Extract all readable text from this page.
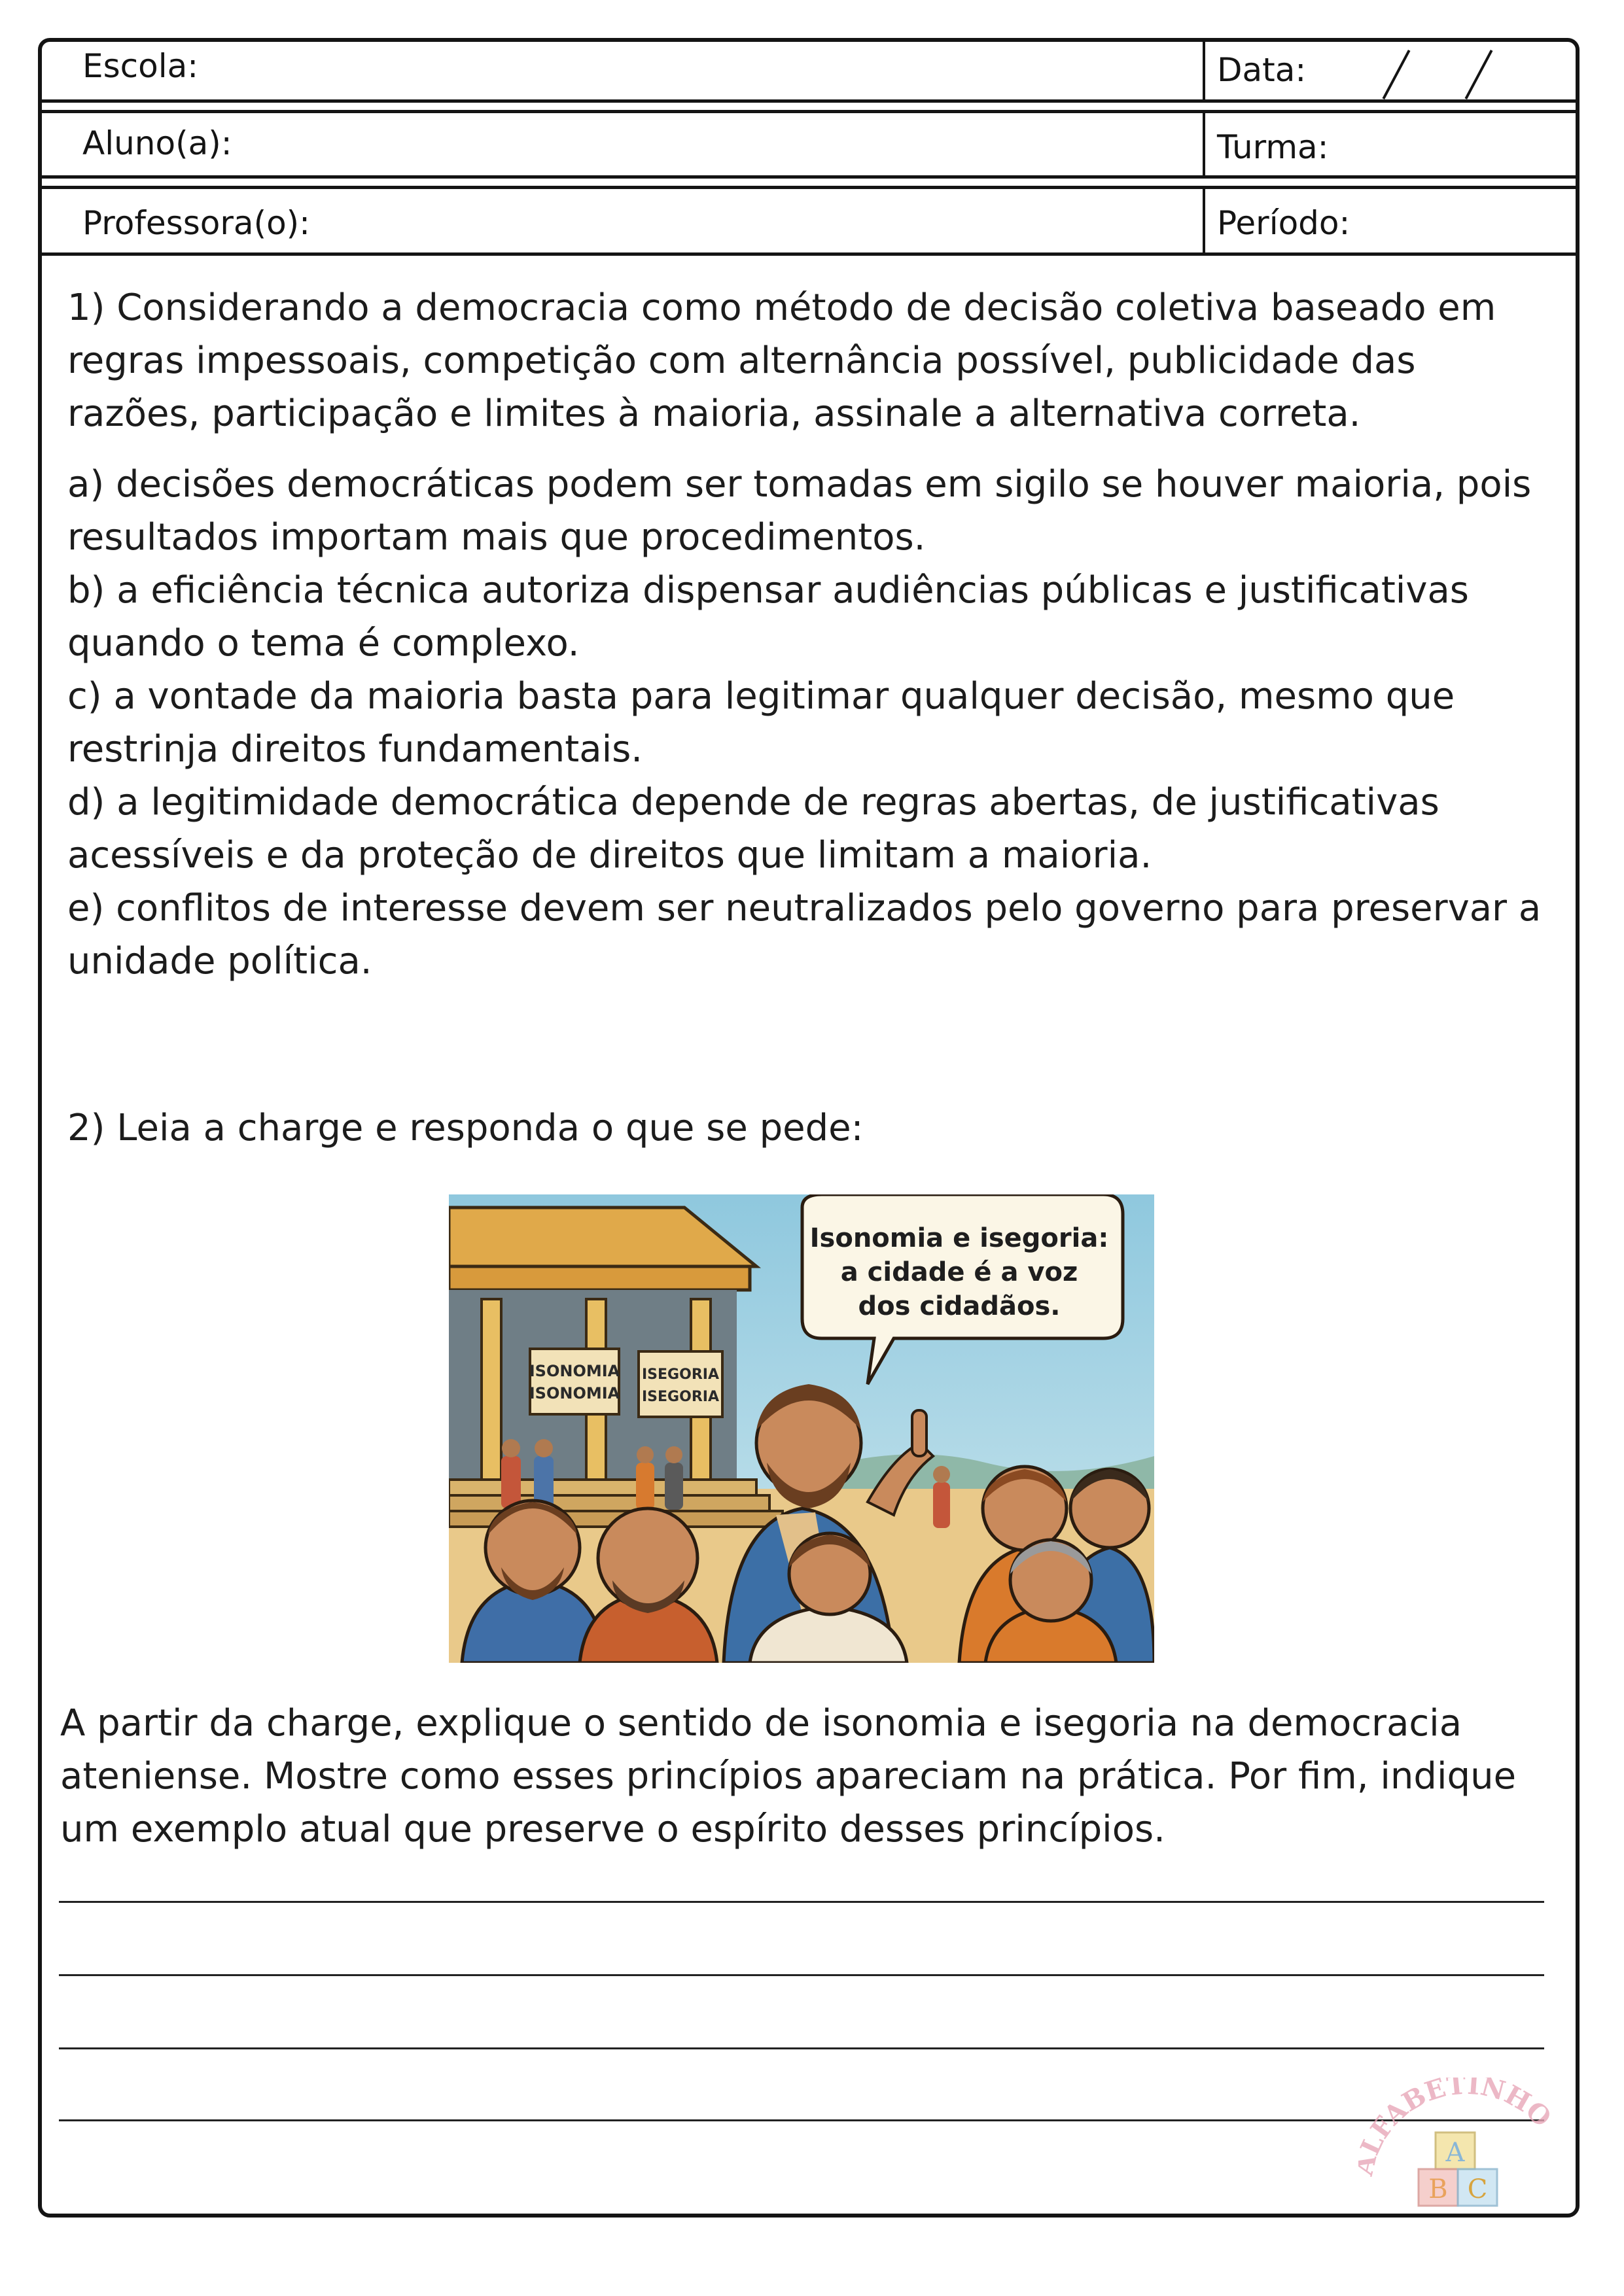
Escola:	Data:
Aluno(a):	Turma:
Professora(o):	Período:

1) Considerando a democracia como método de decisão coletiva baseado em regras impessoais, competição com alternância possível, publicidade das razões, participação e limites à maioria, assinale a alternativa correta.

a) decisões democráticas podem ser tomadas em sigilo se houver maioria, pois resultados importam mais que procedimentos.

b) a eficiência técnica autoriza dispensar audiências públicas e justificativas quando o tema é complexo.

c) a vontade da maioria basta para legitimar qualquer decisão, mesmo que restrinja direitos fundamentais.

d) a legitimidade democrática depende de regras abertas, de justificativas acessíveis e da proteção de direitos que limitam a maioria.

e) conflitos de interesse devem ser neutralizados pelo governo para preservar a unidade política.

2) Leia a charge e responda o que se pede:

ISONOMIA
ISONOMIA
ISEGORIA
ISEGORIA
Isonomia e isegoria:
a cidade é a voz
dos cidadãos.

A partir da charge, explique o sentido de isonomia e isegoria na democracia ateniense. Mostre como esses princípios apareciam na prática. Por fim, indique um exemplo atual que preserve o espírito desses princípios.

FABETINHO
A
B C
